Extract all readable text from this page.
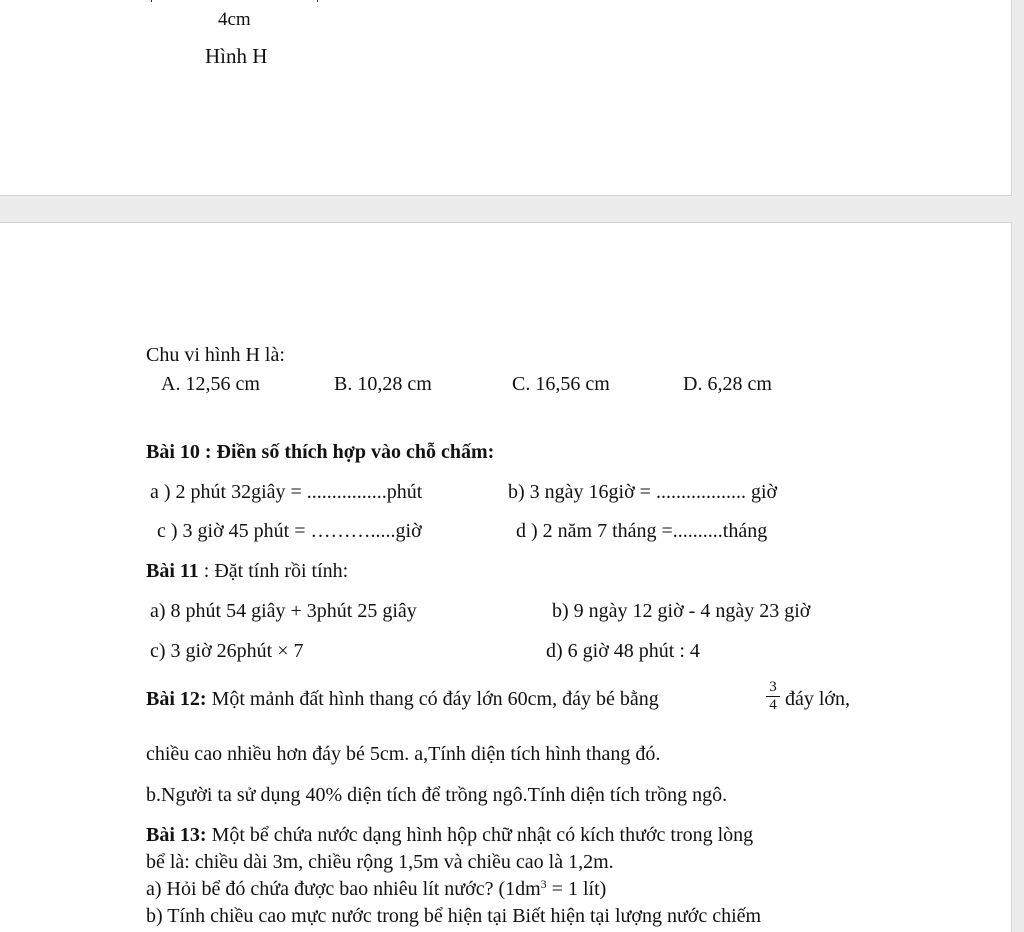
4cm
Hình H
Chu vi hình H là:
A. 12,56 cm	B. 10,28 cm	C. 16,56 cm	D. 6,28 cm
Bài 10 : Điền số thích hợp vào chỗ chấm:
a ) 2 phút 32giây = ................phút	b) 3 ngày 16giờ = .................. giờ
c ) 3 giờ 45 phút = ……….....giờ	d ) 2 năm 7 tháng =..........tháng
Bài 11 : Đặt tính rồi tính:
a) 8 phút 54 giây + 3phút 25 giây	b) 9 ngày 12 giờ - 4 ngày 23 giờ
c) 3 giờ 26phút × 7	d) 6 giờ 48 phút : 4
Bài 12: Một mảnh đất hình thang có đáy lớn 60cm, đáy bé bằng	$\frac{3}{4}$ đáy lớn,
chiều cao nhiều hơn đáy bé 5cm. a,Tính diện tích hình thang đó.
b.Người ta sử dụng 40% diện tích để trồng ngô.Tính diện tích trồng ngô.
Bài 13: Một bể chứa nước dạng hình hộp chữ nhật có kích thước trong lòng
bể là: chiều dài 3m, chiều rộng 1,5m và chiều cao là 1,2m.
a) Hỏi bể đó chứa được bao nhiêu lít nước? ($1dm^3 = 1$ lít)
b) Tính chiều cao mực nước trong bể hiện tại Biết hiện tại lượng nước chiếm
